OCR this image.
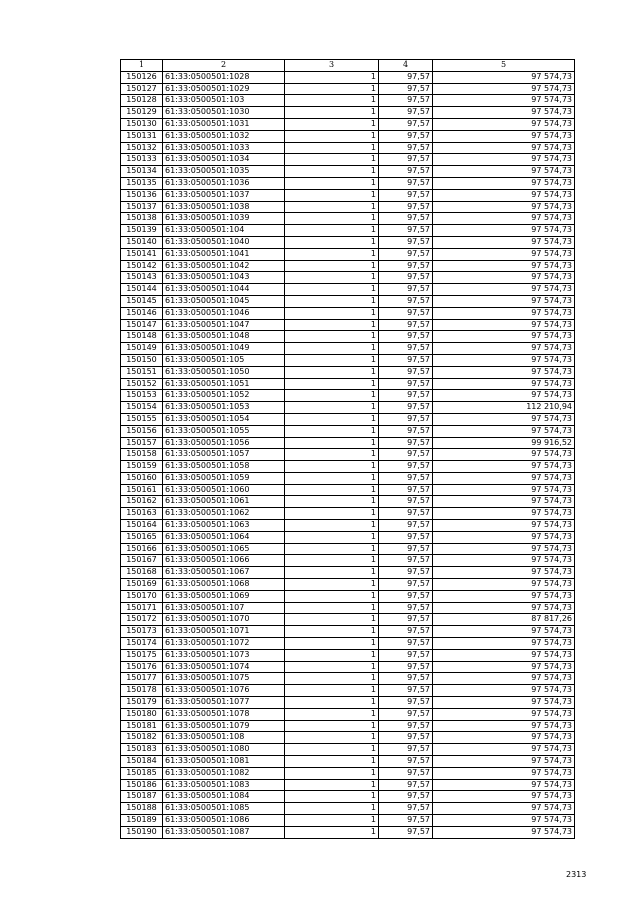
1	2	3	4	5
150126	61:33:0500501:1028	1	97,57	97 574,73
150127	61:33:0500501:1029	1	97,57	97 574,73
150128	61:33:0500501:103	1	97,57	97 574,73
150129	61:33:0500501:1030	1	97,57	97 574,73
150130	61:33:0500501:1031	1	97,57	97 574,73
150131	61:33:0500501:1032	1	97,57	97 574,73
150132	61:33:0500501:1033	1	97,57	97 574,73
150133	61:33:0500501:1034	1	97,57	97 574,73
150134	61:33:0500501:1035	1	97,57	97 574,73
150135	61:33:0500501:1036	1	97,57	97 574,73
150136	61:33:0500501:1037	1	97,57	97 574,73
150137	61:33:0500501:1038	1	97,57	97 574,73
150138	61:33:0500501:1039	1	97,57	97 574,73
150139	61:33:0500501:104	1	97,57	97 574,73
150140	61:33:0500501:1040	1	97,57	97 574,73
150141	61:33:0500501:1041	1	97,57	97 574,73
150142	61:33:0500501:1042	1	97,57	97 574,73
150143	61:33:0500501:1043	1	97,57	97 574,73
150144	61:33:0500501:1044	1	97,57	97 574,73
150145	61:33:0500501:1045	1	97,57	97 574,73
150146	61:33:0500501:1046	1	97,57	97 574,73
150147	61:33:0500501:1047	1	97,57	97 574,73
150148	61:33:0500501:1048	1	97,57	97 574,73
150149	61:33:0500501:1049	1	97,57	97 574,73
150150	61:33:0500501:105	1	97,57	97 574,73
150151	61:33:0500501:1050	1	97,57	97 574,73
150152	61:33:0500501:1051	1	97,57	97 574,73
150153	61:33:0500501:1052	1	97,57	97 574,73
150154	61:33:0500501:1053	1	97,57	112 210,94
150155	61:33:0500501:1054	1	97,57	97 574,73
150156	61:33:0500501:1055	1	97,57	97 574,73
150157	61:33:0500501:1056	1	97,57	99 916,52
150158	61:33:0500501:1057	1	97,57	97 574,73
150159	61:33:0500501:1058	1	97,57	97 574,73
150160	61:33:0500501:1059	1	97,57	97 574,73
150161	61:33:0500501:1060	1	97,57	97 574,73
150162	61:33:0500501:1061	1	97,57	97 574,73
150163	61:33:0500501:1062	1	97,57	97 574,73
150164	61:33:0500501:1063	1	97,57	97 574,73
150165	61:33:0500501:1064	1	97,57	97 574,73
150166	61:33:0500501:1065	1	97,57	97 574,73
150167	61:33:0500501:1066	1	97,57	97 574,73
150168	61:33:0500501:1067	1	97,57	97 574,73
150169	61:33:0500501:1068	1	97,57	97 574,73
150170	61:33:0500501:1069	1	97,57	97 574,73
150171	61:33:0500501:107	1	97,57	97 574,73
150172	61:33:0500501:1070	1	97,57	87 817,26
150173	61:33:0500501:1071	1	97,57	97 574,73
150174	61:33:0500501:1072	1	97,57	97 574,73
150175	61:33:0500501:1073	1	97,57	97 574,73
150176	61:33:0500501:1074	1	97,57	97 574,73
150177	61:33:0500501:1075	1	97,57	97 574,73
150178	61:33:0500501:1076	1	97,57	97 574,73
150179	61:33:0500501:1077	1	97,57	97 574,73
150180	61:33:0500501:1078	1	97,57	97 574,73
150181	61:33:0500501:1079	1	97,57	97 574,73
150182	61:33:0500501:108	1	97,57	97 574,73
150183	61:33:0500501:1080	1	97,57	97 574,73
150184	61:33:0500501:1081	1	97,57	97 574,73
150185	61:33:0500501:1082	1	97,57	97 574,73
150186	61:33:0500501:1083	1	97,57	97 574,73
150187	61:33:0500501:1084	1	97,57	97 574,73
150188	61:33:0500501:1085	1	97,57	97 574,73
150189	61:33:0500501:1086	1	97,57	97 574,73
150190	61:33:0500501:1087	1	97,57	97 574,73
2313
